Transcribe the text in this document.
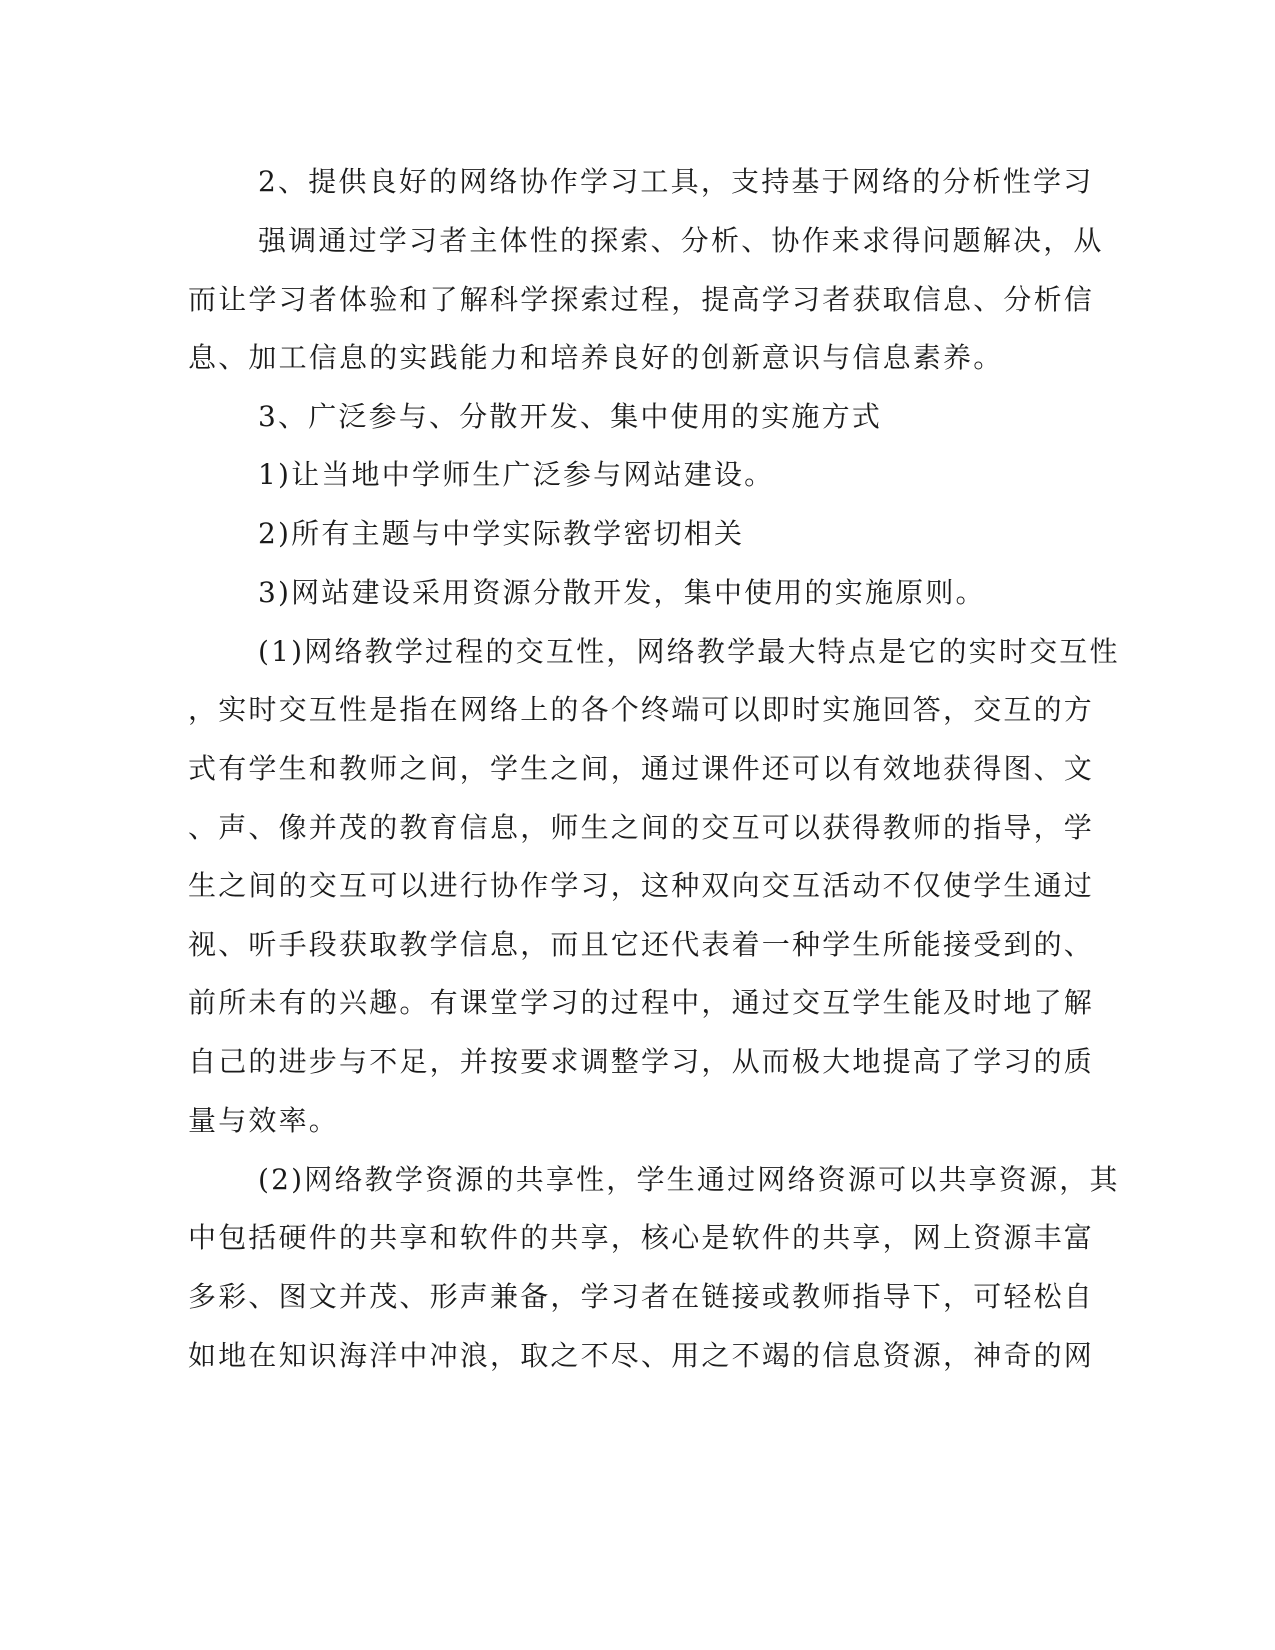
2、提供良好的网络协作学习工具，支持基于网络的分析性学习
强调通过学习者主体性的探索、分析、协作来求得问题解决，从
而让学习者体验和了解科学探索过程，提高学习者获取信息、分析信
息、加工信息的实践能力和培养良好的创新意识与信息素养。
3、广泛参与、分散开发、集中使用的实施方式
1)让当地中学师生广泛参与网站建设。
2)所有主题与中学实际教学密切相关
3)网站建设采用资源分散开发，集中使用的实施原则。
(1)网络教学过程的交互性，网络教学最大特点是它的实时交互性
，实时交互性是指在网络上的各个终端可以即时实施回答，交互的方
式有学生和教师之间，学生之间，通过课件还可以有效地获得图、文
、声、像并茂的教育信息，师生之间的交互可以获得教师的指导，学
生之间的交互可以进行协作学习，这种双向交互活动不仅使学生通过
视、听手段获取教学信息，而且它还代表着一种学生所能接受到的、
前所未有的兴趣。有课堂学习的过程中，通过交互学生能及时地了解
自己的进步与不足，并按要求调整学习，从而极大地提高了学习的质
量与效率。
(2)网络教学资源的共享性，学生通过网络资源可以共享资源，其
中包括硬件的共享和软件的共享，核心是软件的共享，网上资源丰富
多彩、图文并茂、形声兼备，学习者在链接或教师指导下，可轻松自
如地在知识海洋中冲浪，取之不尽、用之不竭的信息资源，神奇的网
